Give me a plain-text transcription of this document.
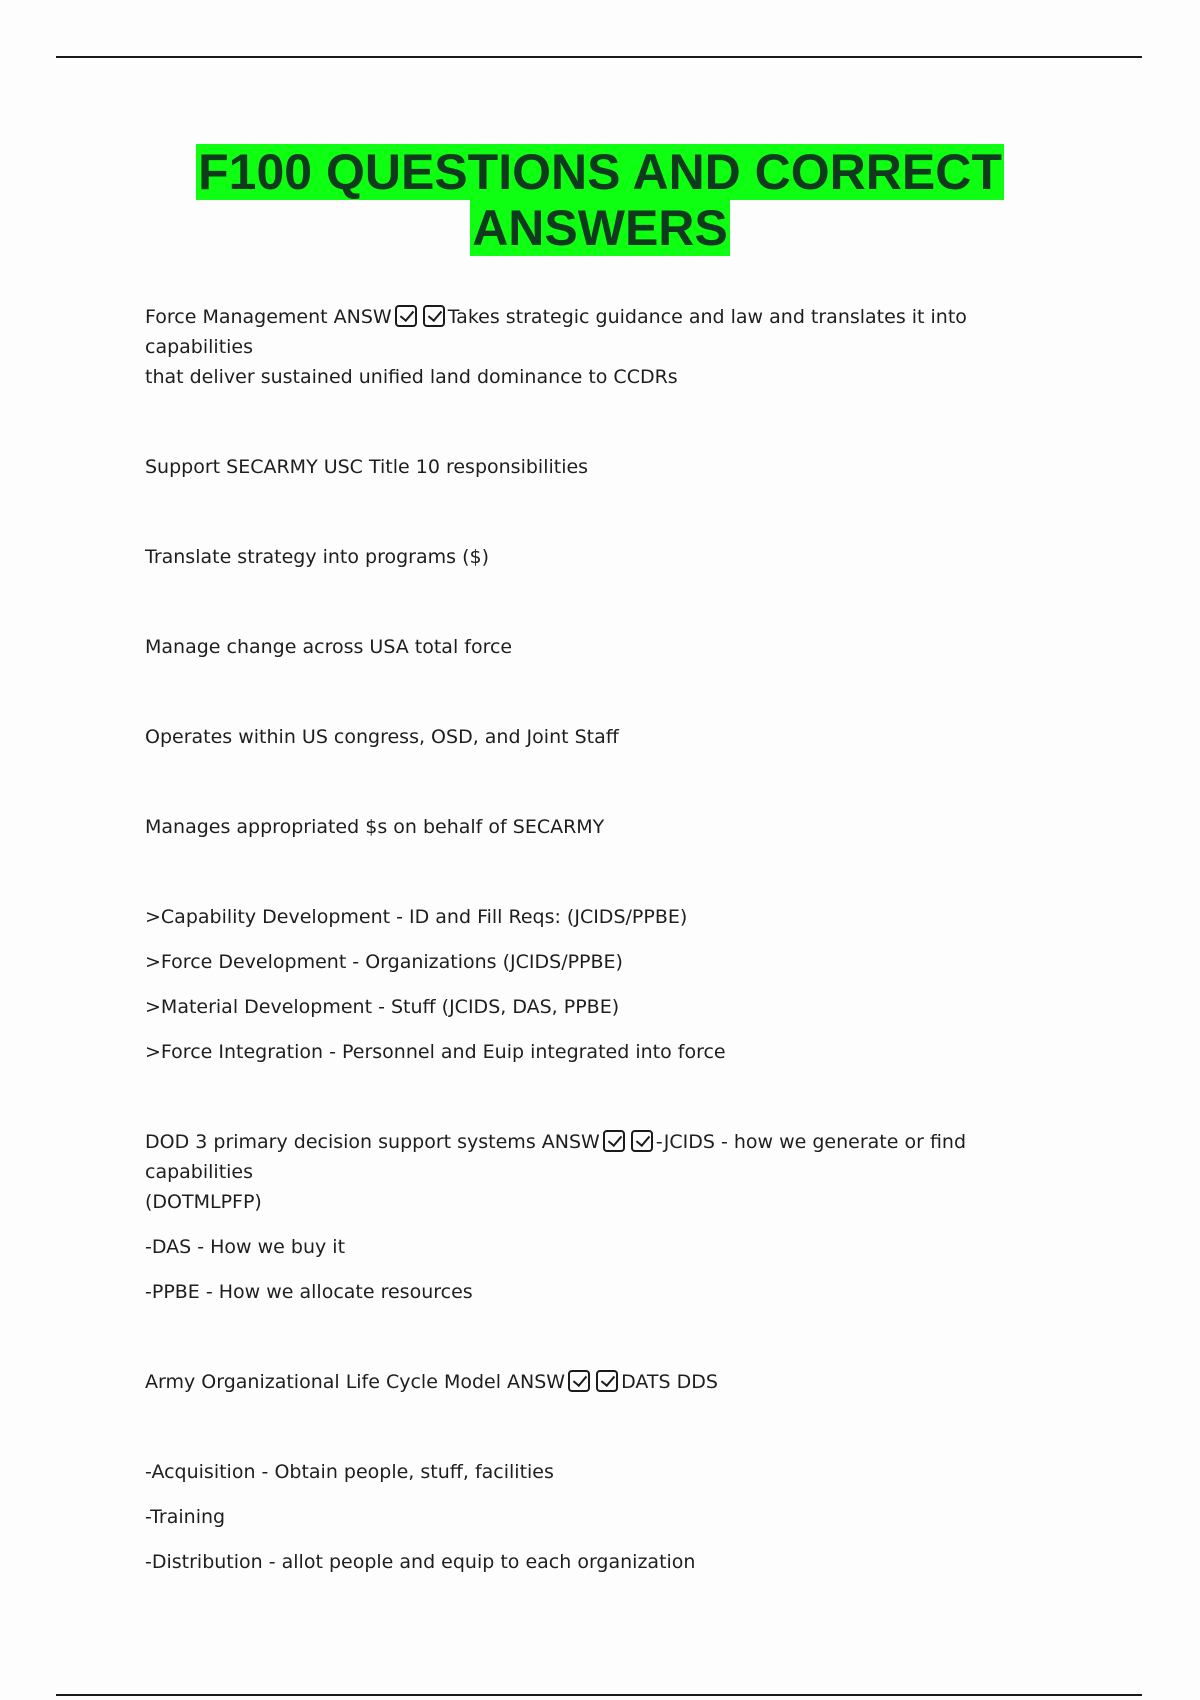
F100 QUESTIONS AND CORRECT
ANSWERS
Force Management ANSW	Takes strategic guidance and law and translates it into capabilities
that deliver sustained unified land dominance to CCDRs
Support SECARMY USC Title 10 responsibilities
Translate strategy into programs ($)
Manage change across USA total force
Operates within US congress, OSD, and Joint Staff
Manages appropriated $s on behalf of SECARMY
>Capability Development - ID and Fill Reqs: (JCIDS/PPBE)
>Force Development - Organizations (JCIDS/PPBE)
>Material Development - Stuff (JCIDS, DAS, PPBE)
>Force Integration - Personnel and Euip integrated into force
DOD 3 primary decision support systems ANSW	-JCIDS - how we generate or find capabilities
(DOTMLPFP)
-DAS - How we buy it
-PPBE - How we allocate resources
Army Organizational Life Cycle Model ANSW	DATS DDS
-Acquisition - Obtain people, stuff, facilities
-Training
-Distribution - allot people and equip to each organization
